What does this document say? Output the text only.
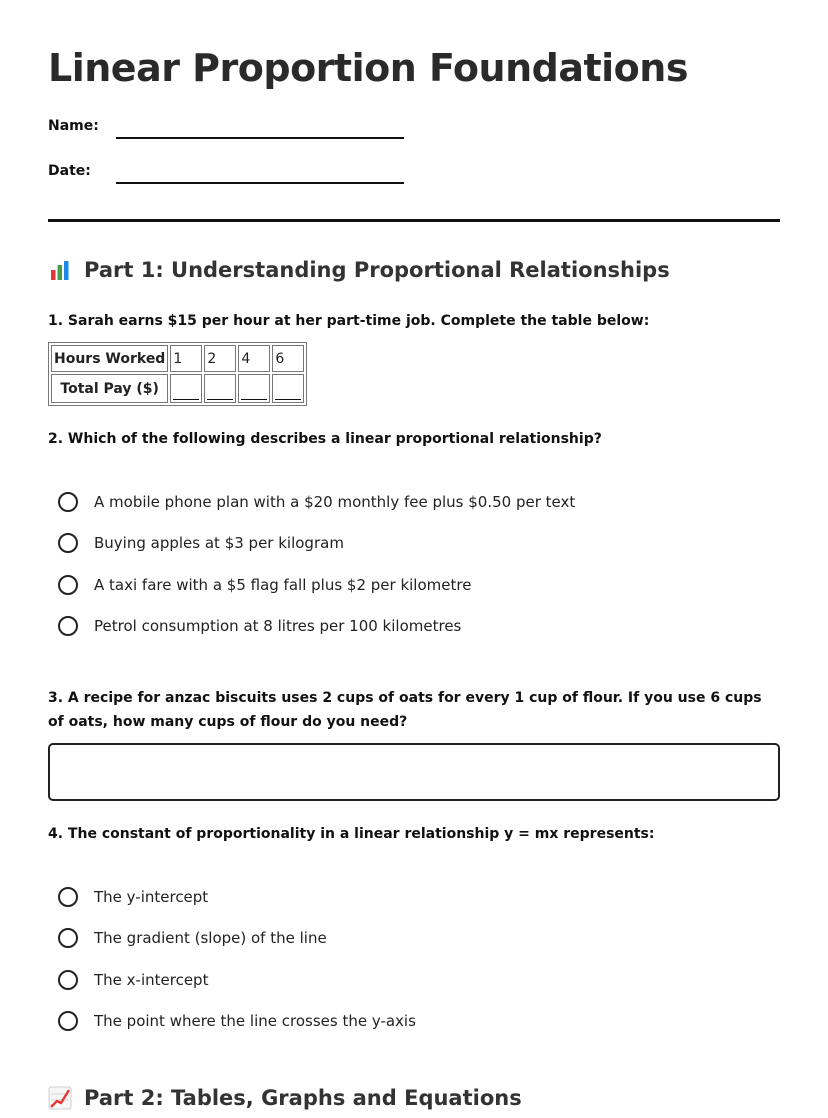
Linear Proportion Foundations
Name:
Date:
Part 1: Understanding Proportional Relationships
1. Sarah earns $15 per hour at her part-time job. Complete the table below:
Hours Worked	1	2	4	6
Total Pay ($)	

2. Which of the following describes a linear proportional relationship?
A mobile phone plan with a $20 monthly fee plus $0.50 per text
Buying apples at $3 per kilogram
A taxi fare with a $5 flag fall plus $2 per kilometre
Petrol consumption at 8 litres per 100 kilometres
3. A recipe for anzac biscuits uses 2 cups of oats for every 1 cup of flour. If you use 6 cups of oats, how many cups of flour do you need?
4. The constant of proportionality in a linear relationship y = mx represents:
The y-intercept
The gradient (slope) of the line
The x-intercept
The point where the line crosses the y-axis
Part 2: Tables, Graphs and Equations
